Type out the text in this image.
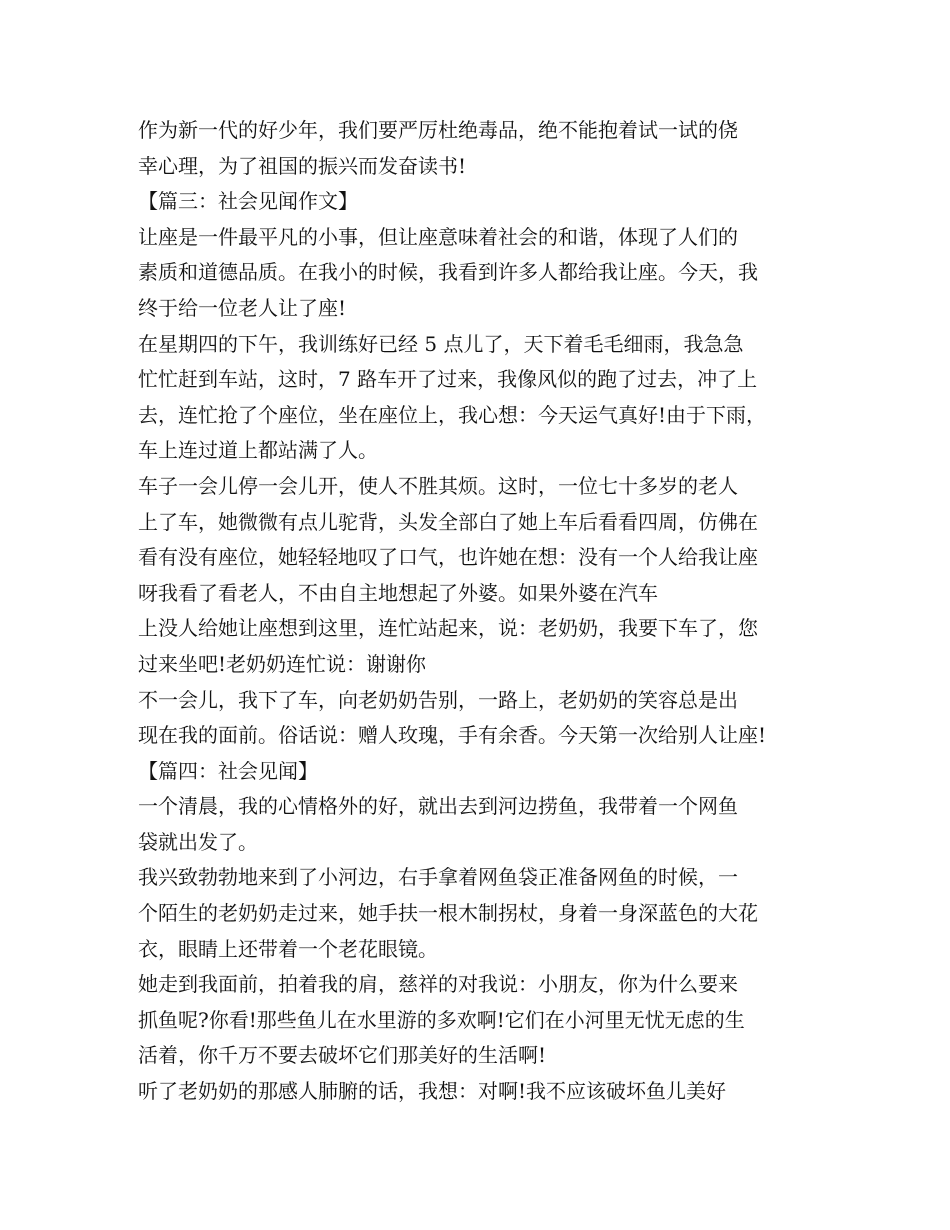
作为新一代的好少年，我们要严厉杜绝毒品，绝不能抱着试一试的侥
幸心理，为了祖国的振兴而发奋读书!
【篇三：社会见闻作文】
让座是一件最平凡的小事，但让座意味着社会的和谐，体现了人们的
素质和道德品质。在我小的时候，我看到许多人都给我让座。今天，我
终于给一位老人让了座!
在星期四的下午，我训练好已经 5 点儿了，天下着毛毛细雨，我急急
忙忙赶到车站，这时，7 路车开了过来，我像风似的跑了过去，冲了上
去，连忙抢了个座位，坐在座位上，我心想：今天运气真好!由于下雨，
车上连过道上都站满了人。
车子一会儿停一会儿开，使人不胜其烦。这时，一位七十多岁的老人
上了车，她微微有点儿驼背，头发全部白了她上车后看看四周，仿佛在
看有没有座位，她轻轻地叹了口气，也许她在想：没有一个人给我让座
呀我看了看老人，不由自主地想起了外婆。如果外婆在汽车
上没人给她让座想到这里，连忙站起来，说：老奶奶，我要下车了，您
过来坐吧!老奶奶连忙说：谢谢你
不一会儿，我下了车，向老奶奶告别，一路上，老奶奶的笑容总是出
现在我的面前。俗话说：赠人玫瑰，手有余香。今天第一次给别人让座!
【篇四：社会见闻】
一个清晨，我的心情格外的好，就出去到河边捞鱼，我带着一个网鱼
袋就出发了。
我兴致勃勃地来到了小河边，右手拿着网鱼袋正准备网鱼的时候，一
个陌生的老奶奶走过来，她手扶一根木制拐杖，身着一身深蓝色的大花
衣，眼睛上还带着一个老花眼镜。
她走到我面前，拍着我的肩，慈祥的对我说：小朋友，你为什么要来
抓鱼呢?你看!那些鱼儿在水里游的多欢啊!它们在小河里无忧无虑的生
活着，你千万不要去破坏它们那美好的生活啊!
听了老奶奶的那感人肺腑的话，我想：对啊!我不应该破坏鱼儿美好
